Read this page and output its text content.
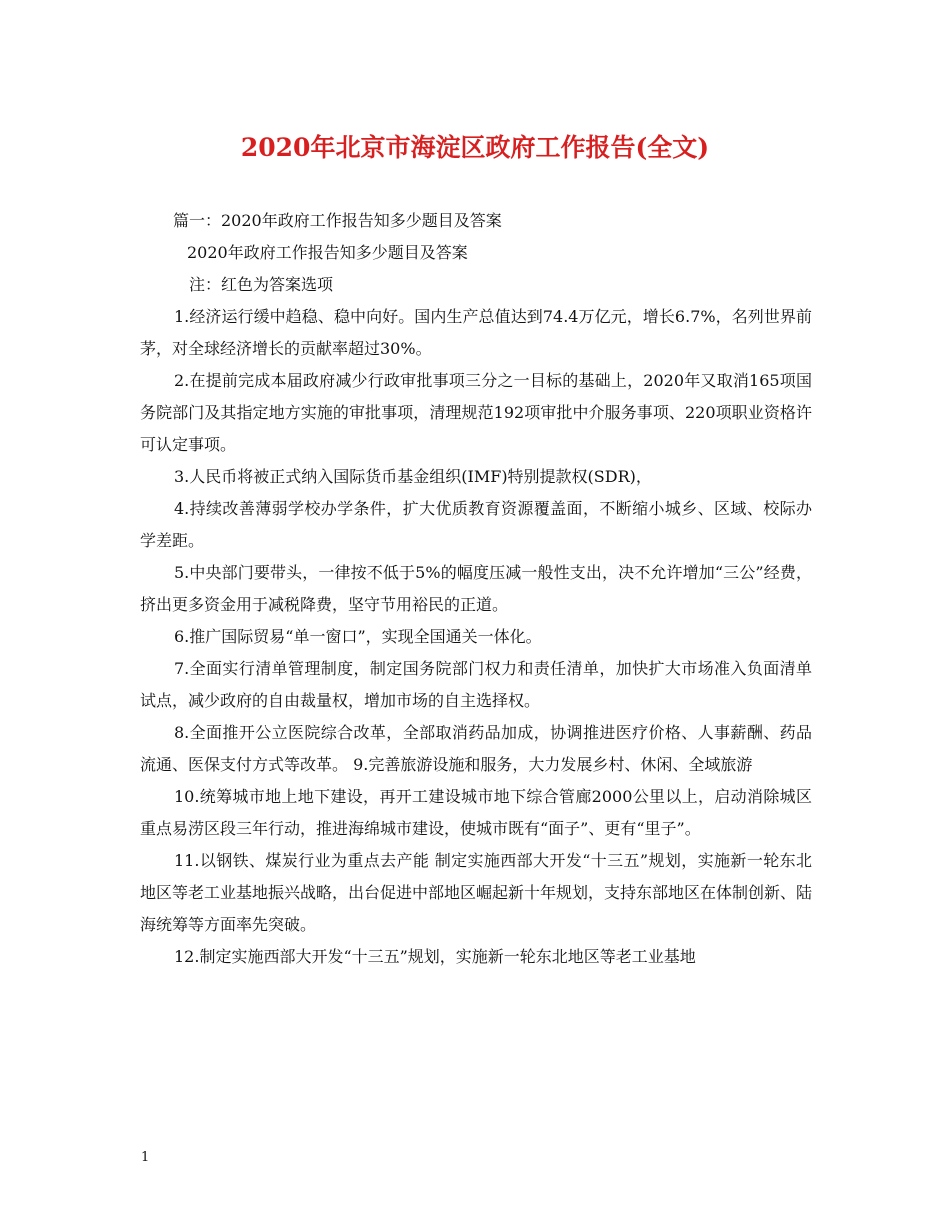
2020年北京市海淀区政府工作报告(全文)

篇一：2020年政府工作报告知多少题目及答案

2020年政府工作报告知多少题目及答案

注：红色为答案选项

1.经济运行缓中趋稳、稳中向好。国内生产总值达到74.4万亿元，增长6.7%，名列世界前茅，对全球经济增长的贡献率超过30%。

2.在提前完成本届政府减少行政审批事项三分之一目标的基础上，2020年又取消165项国务院部门及其指定地方实施的审批事项，清理规范192项审批中介服务事项、220项职业资格许可认定事项。

3.人民币将被正式纳入国际货币基金组织(IMF)特别提款权(SDR)，

4.持续改善薄弱学校办学条件，扩大优质教育资源覆盖面，不断缩小城乡、区域、校际办学差距。

5.中央部门要带头，一律按不低于5%的幅度压减一般性支出，决不允许增加“三公”经费，挤出更多资金用于减税降费，坚守节用裕民的正道。

6.推广国际贸易“单一窗口”，实现全国通关一体化。

7.全面实行清单管理制度，制定国务院部门权力和责任清单，加快扩大市场准入负面清单试点，减少政府的自由裁量权，增加市场的自主选择权。

8.全面推开公立医院综合改革，全部取消药品加成，协调推进医疗价格、人事薪酬、药品流通、医保支付方式等改革。 9.完善旅游设施和服务，大力发展乡村、休闲、全域旅游

10.统筹城市地上地下建设，再开工建设城市地下综合管廊2000公里以上，启动消除城区重点易涝区段三年行动，推进海绵城市建设，使城市既有“面子”、更有“里子”。

11.以钢铁、煤炭行业为重点去产能 制定实施西部大开发“十三五”规划，实施新一轮东北地区等老工业基地振兴战略，出台促进中部地区崛起新十年规划，支持东部地区在体制创新、陆海统筹等方面率先突破。

12.制定实施西部大开发“十三五”规划，实施新一轮东北地区等老工业基地

1
